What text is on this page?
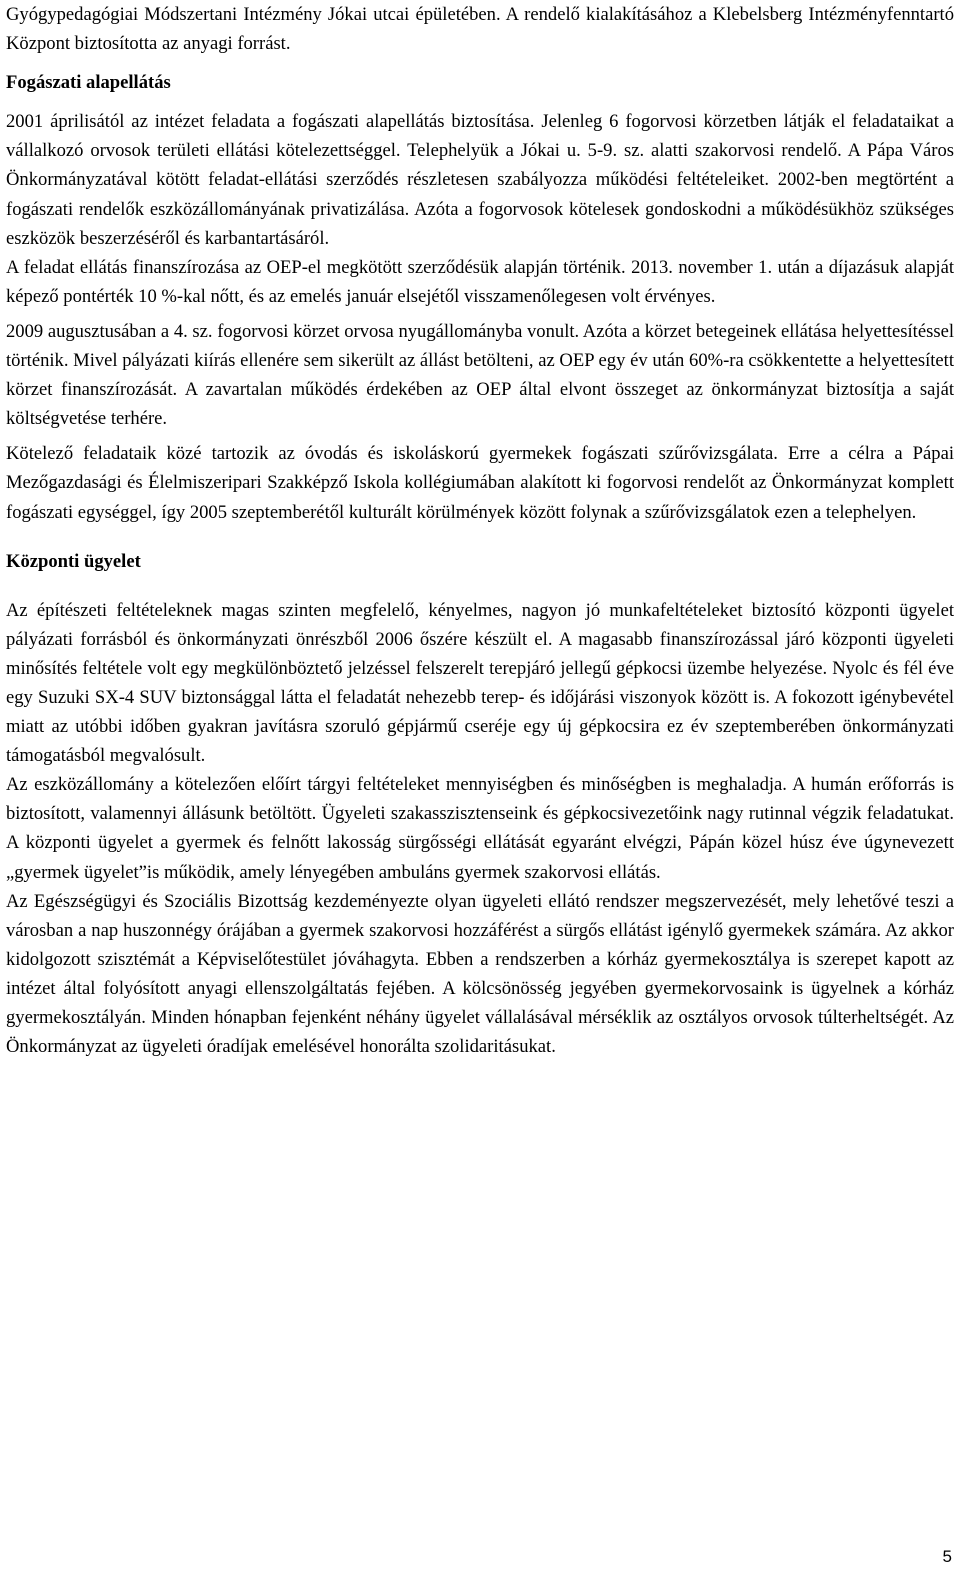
Gyógypedagógiai Módszertani Intézmény Jókai utcai épületében. A rendelő kialakításához a Klebelsberg Intézményfenntartó Központ biztosította az anyagi forrást.

Fogászati alapellátás

2001 áprilisától az intézet feladata a fogászati alapellátás biztosítása. Jelenleg 6 fogorvosi körzetben látják el feladataikat a vállalkozó orvosok területi ellátási kötelezettséggel. Telephelyük a Jókai u. 5-9. sz. alatti szakorvosi rendelő. A Pápa Város Önkormányzatával kötött feladat-ellátási szerződés részletesen szabályozza működési feltételeiket. 2002-ben megtörtént a fogászati rendelők eszközállományának privatizálása. Azóta a fogorvosok kötelesek gondoskodni a működésükhöz szükséges eszközök beszerzéséről és karbantartásáról.

A feladat ellátás finanszírozása az OEP-el megkötött szerződésük alapján történik. 2013. november 1. után a díjazásuk alapját képező pontérték 10 %-kal nőtt, és az emelés január elsejétől visszamenőlegesen volt érvényes.

2009 augusztusában a 4. sz. fogorvosi körzet orvosa nyugállományba vonult. Azóta a körzet betegeinek ellátása helyettesítéssel történik. Mivel pályázati kiírás ellenére sem sikerült az állást betölteni, az OEP egy év után 60%-ra csökkentette a helyettesített körzet finanszírozását. A zavartalan működés érdekében az OEP által elvont összeget az önkormányzat biztosítja a saját költségvetése terhére.

Kötelező feladataik közé tartozik az óvodás és iskoláskorú gyermekek fogászati szűrővizsgálata. Erre a célra a Pápai Mezőgazdasági és Élelmiszeripari Szakképző Iskola kollégiumában alakított ki fogorvosi rendelőt az Önkormányzat komplett fogászati egységgel, így 2005 szeptemberétől kulturált körülmények között folynak a szűrővizsgálatok ezen a telephelyen.

Központi ügyelet

Az építészeti feltételeknek magas szinten megfelelő, kényelmes, nagyon jó munkafeltételeket biztosító központi ügyelet pályázati forrásból és önkormányzati önrészből 2006 őszére készült el. A magasabb finanszírozással járó központi ügyeleti minősítés feltétele volt egy megkülönböztető jelzéssel felszerelt terepjáró jellegű gépkocsi üzembe helyezése. Nyolc és fél éve egy Suzuki SX-4 SUV biztonsággal látta el feladatát nehezebb terep- és időjárási viszonyok között is. A fokozott igénybevétel miatt az utóbbi időben gyakran javításra szoruló gépjármű cseréje egy új gépkocsira ez év szeptemberében önkormányzati támogatásból megvalósult.

Az eszközállomány a kötelezően előírt tárgyi feltételeket mennyiségben és minőségben is meghaladja. A humán erőforrás is biztosított, valamennyi állásunk betöltött. Ügyeleti szakasszisztenseink és gépkocsivezetőink nagy rutinnal végzik feladatukat. A központi ügyelet a gyermek és felnőtt lakosság sürgősségi ellátását egyaránt elvégzi, Pápán közel húsz éve úgynevezett „gyermek ügyelet”is működik, amely lényegében ambuláns gyermek szakorvosi ellátás.

Az Egészségügyi és Szociális Bizottság kezdeményezte olyan ügyeleti ellátó rendszer megszervezését, mely lehetővé teszi a városban a nap huszonnégy órájában a gyermek szakorvosi hozzáférést a sürgős ellátást igénylő gyermekek számára. Az akkor kidolgozott szisztémát a Képviselőtestület jóváhagyta. Ebben a rendszerben a kórház gyermekosztálya is szerepet kapott az intézet által folyósított anyagi ellenszolgáltatás fejében. A kölcsönösség jegyében gyermekorvosaink is ügyelnek a kórház gyermekosztályán. Minden hónapban fejenként néhány ügyelet vállalásával mérséklik az osztályos orvosok túlterheltségét. Az Önkormányzat az ügyeleti óradíjak emelésével honorálta szolidaritásukat.

5
